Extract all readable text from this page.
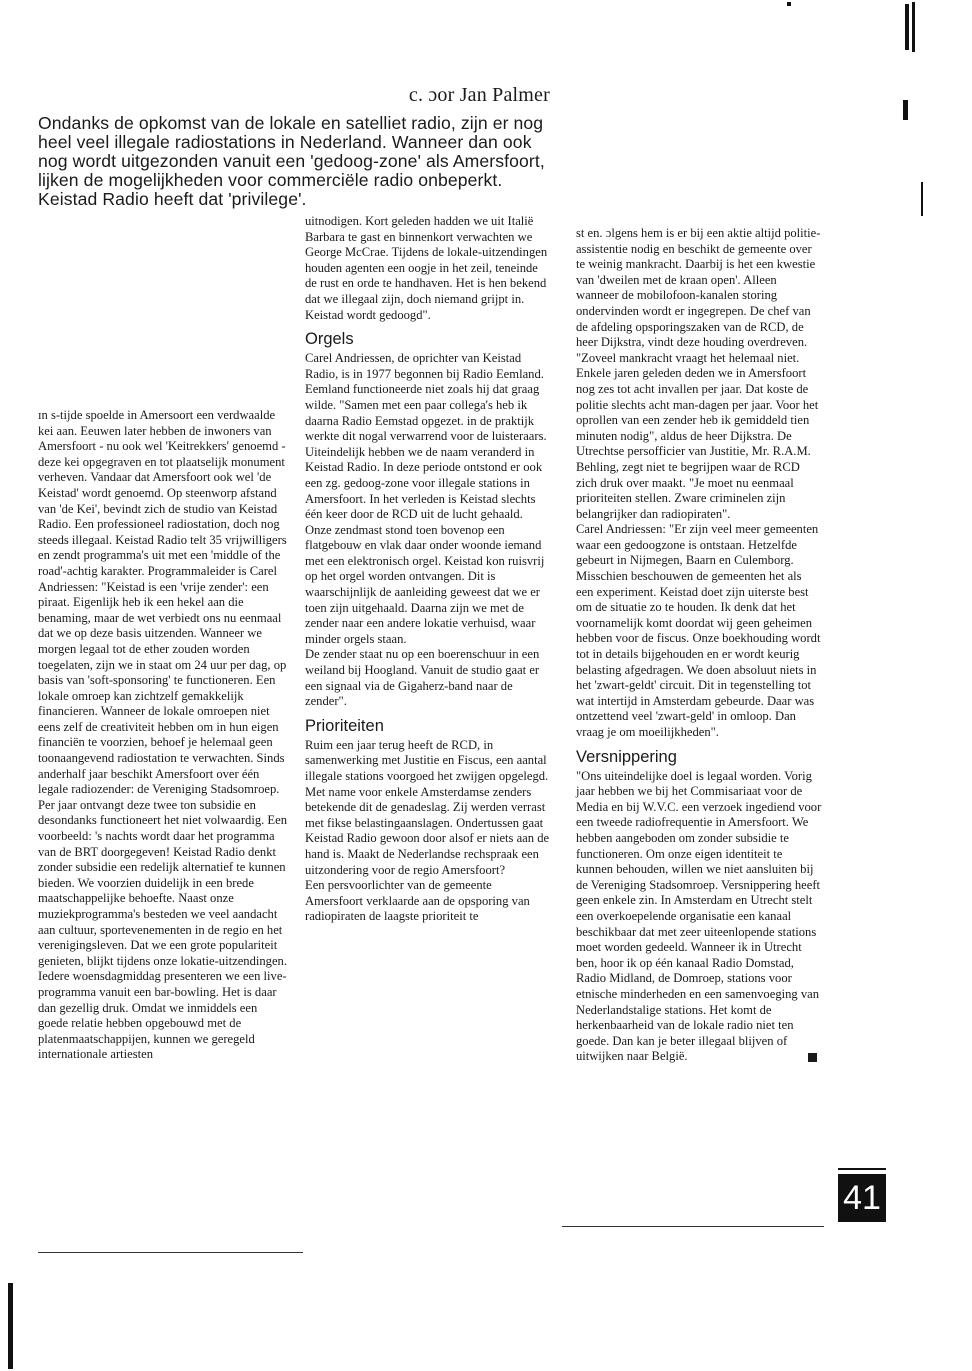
c. ɔor Jan Palmer
Ondanks de opkomst van de lokale en satelliet radio, zijn er nog heel veel illegale radiostations in Nederland. Wanneer dan ook nog wordt uitgezonden vanuit een 'gedoog-zone' als Amersfoort, lijken de mogelijkheden voor commerciële radio onbeperkt. Keistad Radio heeft dat 'privilege'.

ɪn s-tijde spoelde in Amersoort een verdwaalde kei aan. Eeuwen later hebben de inwoners van Amersfoort - nu ook wel 'Keitrekkers' genoemd - deze kei opgegraven en tot plaatselijk monument verheven. Vandaar dat Amersfoort ook wel 'de Keistad' wordt genoemd. Op steenworp afstand van 'de Kei', bevindt zich de studio van Keistad Radio. Een professioneel radiostation, doch nog steeds illegaal. Keistad Radio telt 35 vrijwilligers en zendt programma's uit met een 'middle of the road'-achtig karakter. Programmaleider is Carel Andriessen: "Keistad is een 'vrije zender': een piraat. Eigenlijk heb ik een hekel aan die benaming, maar de wet verbiedt ons nu eenmaal dat we op deze basis uitzenden. Wanneer we morgen legaal tot de ether zouden worden toegelaten, zijn we in staat om 24 uur per dag, op basis van 'soft-sponsoring' te functioneren. Een lokale omroep kan zichtzelf gemakkelijk financieren. Wanneer de lokale omroepen niet eens zelf de creativiteit hebben om in hun eigen financiën te voorzien, behoef je helemaal geen toonaangevend radiostation te verwachten. Sinds anderhalf jaar beschikt Amersfoort over één legale radiozender: de Vereniging Stadsomroep. Per jaar ontvangt deze twee ton subsidie en desondanks functioneert het niet volwaardig. Een voorbeeld: 's nachts wordt daar het programma van de BRT doorgegeven! Keistad Radio denkt zonder subsidie een redelijk alternatief te kunnen bieden. We voorzien duidelijk in een brede maatschappelijke behoefte. Naast onze muziekprogramma's besteden we veel aandacht aan cultuur, sportevenementen in de regio en het verenigingsleven. Dat we een grote populariteit genieten, blijkt tijdens onze lokatie-uitzendingen. Iedere woensdagmiddag presenteren we een live-programma vanuit een bar-bowling. Het is daar dan gezellig druk. Omdat we inmiddels een goede relatie hebben opgebouwd met de platenmaatschappijen, kunnen we geregeld internationale artiesten

uitnodigen. Kort geleden hadden we uit Italië Barbara te gast en binnenkort verwachten we George McCrae. Tijdens de lokale-uitzendingen houden agenten een oogje in het zeil, teneinde de rust en orde te handhaven. Het is hen bekend dat we illegaal zijn, doch niemand grijpt in. Keistad wordt gedoogd".

Orgels

Carel Andriessen, de oprichter van Keistad Radio, is in 1977 begonnen bij Radio Eemland. Eemland functioneerde niet zoals hij dat graag wilde. "Samen met een paar collega's heb ik daarna Radio Eemstad opgezet. in de praktijk werkte dit nogal verwarrend voor de luisteraars. Uiteindelijk hebben we de naam veranderd in Keistad Radio. In deze periode ontstond er ook een zg. gedoog-zone voor illegale stations in Amersfoort. In het verleden is Keistad slechts één keer door de RCD uit de lucht gehaald. Onze zendmast stond toen bovenop een flatgebouw en vlak daar onder woonde iemand met een elektronisch orgel. Keistad kon ruisvrij op het orgel worden ontvangen. Dit is waarschijnlijk de aanleiding geweest dat we er toen zijn uitgehaald. Daarna zijn we met de zender naar een andere lokatie verhuisd, waar minder orgels staan.

De zender staat nu op een boerenschuur in een weiland bij Hoogland. Vanuit de studio gaat er een signaal via de Gigaherz-band naar de zender".

Prioriteiten

Ruim een jaar terug heeft de RCD, in samenwerking met Justitie en Fiscus, een aantal illegale stations voorgoed het zwijgen opgelegd. Met name voor enkele Amsterdamse zenders betekende dit de genadeslag. Zij werden verrast met fikse belastingaanslagen. Ondertussen gaat Keistad Radio gewoon door alsof er niets aan de hand is. Maakt de Nederlandse rechspraak een uitzondering voor de regio Amersfoort?

Een persvoorlichter van de gemeente Amersfoort verklaarde aan de opsporing van radiopiraten de laagste prioriteit te

st en. ɔlgens hem is er bij een aktie altijd politie-assistentie nodig en beschikt de gemeente over te weinig mankracht. Daarbij is het een kwestie van 'dweilen met de kraan open'. Alleen wanneer de mobilofoon-kanalen storing ondervinden wordt er ingegrepen. De chef van de afdeling opsporingszaken van de RCD, de heer Dijkstra, vindt deze houding overdreven. "Zoveel mankracht vraagt het helemaal niet. Enkele jaren geleden deden we in Amersfoort nog zes tot acht invallen per jaar. Dat koste de politie slechts acht man-dagen per jaar. Voor het oprollen van een zender heb ik gemiddeld tien minuten nodig", aldus de heer Dijkstra. De Utrechtse persofficier van Justitie, Mr. R.A.M. Behling, zegt niet te begrijpen waar de RCD zich druk over maakt. "Je moet nu eenmaal prioriteiten stellen. Zware criminelen zijn belangrijker dan radiopiraten".

Carel Andriessen: "Er zijn veel meer gemeenten waar een gedoogzone is ontstaan. Hetzelfde gebeurt in Nijmegen, Baarn en Culemborg. Misschien beschouwen de gemeenten het als een experiment. Keistad doet zijn uiterste best om de situatie zo te houden. Ik denk dat het voornamelijk komt doordat wij geen geheimen hebben voor de fiscus. Onze boekhouding wordt tot in details bijgehouden en er wordt keurig belasting afgedragen. We doen absoluut niets in het 'zwart-geldt' circuit. Dit in tegenstelling tot wat intertijd in Amsterdam gebeurde. Daar was ontzettend veel 'zwart-geld' in omloop. Dan vraag je om moeilijkheden".

Versnippering

"Ons uiteindelijke doel is legaal worden. Vorig jaar hebben we bij het Commisariaat voor de Media en bij W.V.C. een verzoek ingediend voor een tweede radiofrequentie in Amersfoort. We hebben aangeboden om zonder subsidie te functioneren. Om onze eigen identiteit te kunnen behouden, willen we niet aansluiten bij de Vereniging Stadsomroep. Versnippering heeft geen enkele zin. In Amsterdam en Utrecht stelt een overkoepelende organisatie een kanaal beschikbaar dat met zeer uiteenlopende stations moet worden gedeeld. Wanneer ik in Utrecht ben, hoor ik op één kanaal Radio Domstad, Radio Midland, de Domroep, stations voor etnische minderheden en een samenvoeging van Nederlandstalige stations. Het komt de herkenbaarheid van de lokale radio niet ten goede. Dan kan je beter illegaal blijven of uitwijken naar België.

41
